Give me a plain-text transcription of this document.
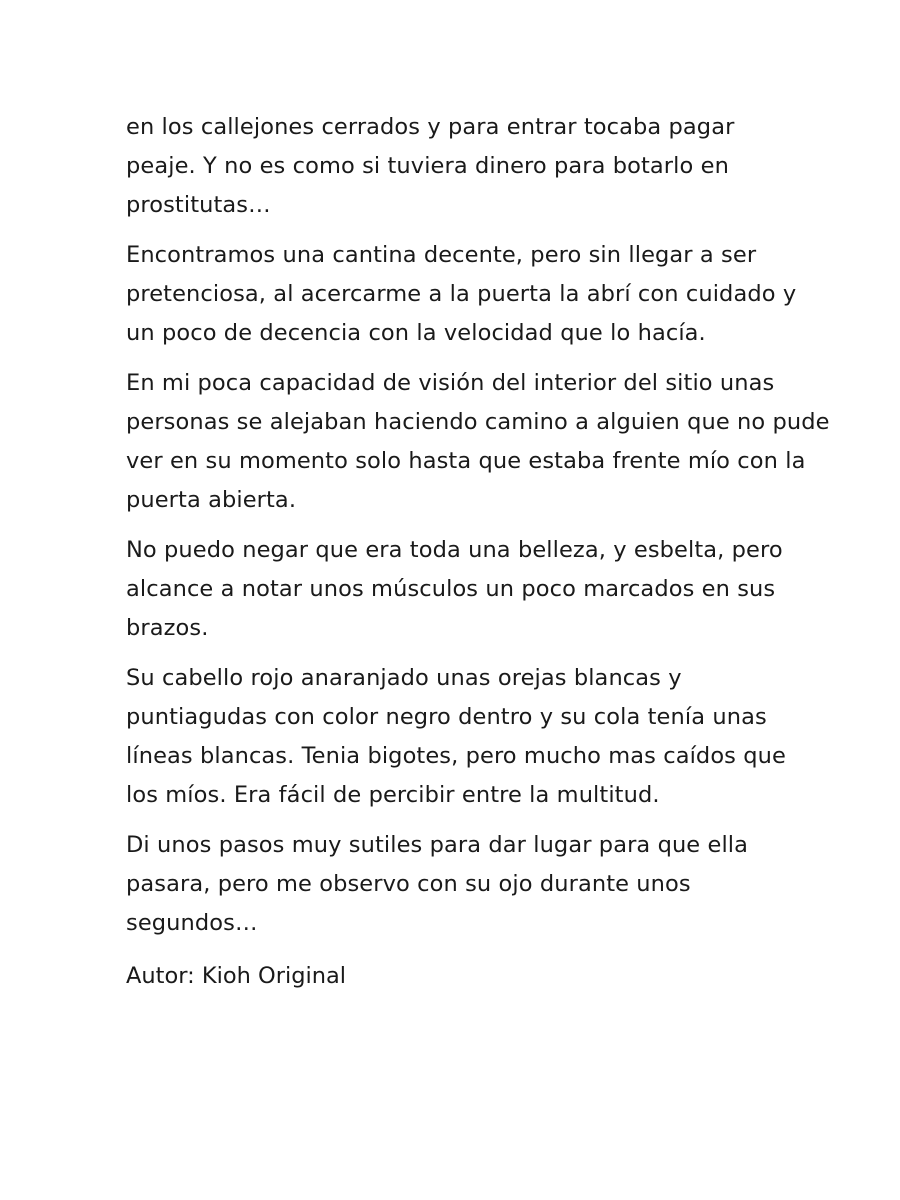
en los callejones cerrados y para entrar tocaba pagar
peaje. Y no es como si tuviera dinero para botarlo en
prostitutas…

Encontramos una cantina decente, pero sin llegar a ser
pretenciosa, al acercarme a la puerta la abrí con cuidado y
un poco de decencia con la velocidad que lo hacía.

En mi poca capacidad de visión del interior del sitio unas
personas se alejaban haciendo camino a alguien que no pude
ver en su momento solo hasta que estaba frente mío con la
puerta abierta.

No puedo negar que era toda una belleza, y esbelta, pero
alcance a notar unos músculos un poco marcados en sus
brazos.

Su cabello rojo anaranjado unas orejas blancas y
puntiagudas con color negro dentro y su cola tenía unas
líneas blancas. Tenia bigotes, pero mucho mas caídos que
los míos. Era fácil de percibir entre la multitud.

Di unos pasos muy sutiles para dar lugar para que ella
pasara, pero me observo con su ojo durante unos
segundos…

Autor: Kioh Original
